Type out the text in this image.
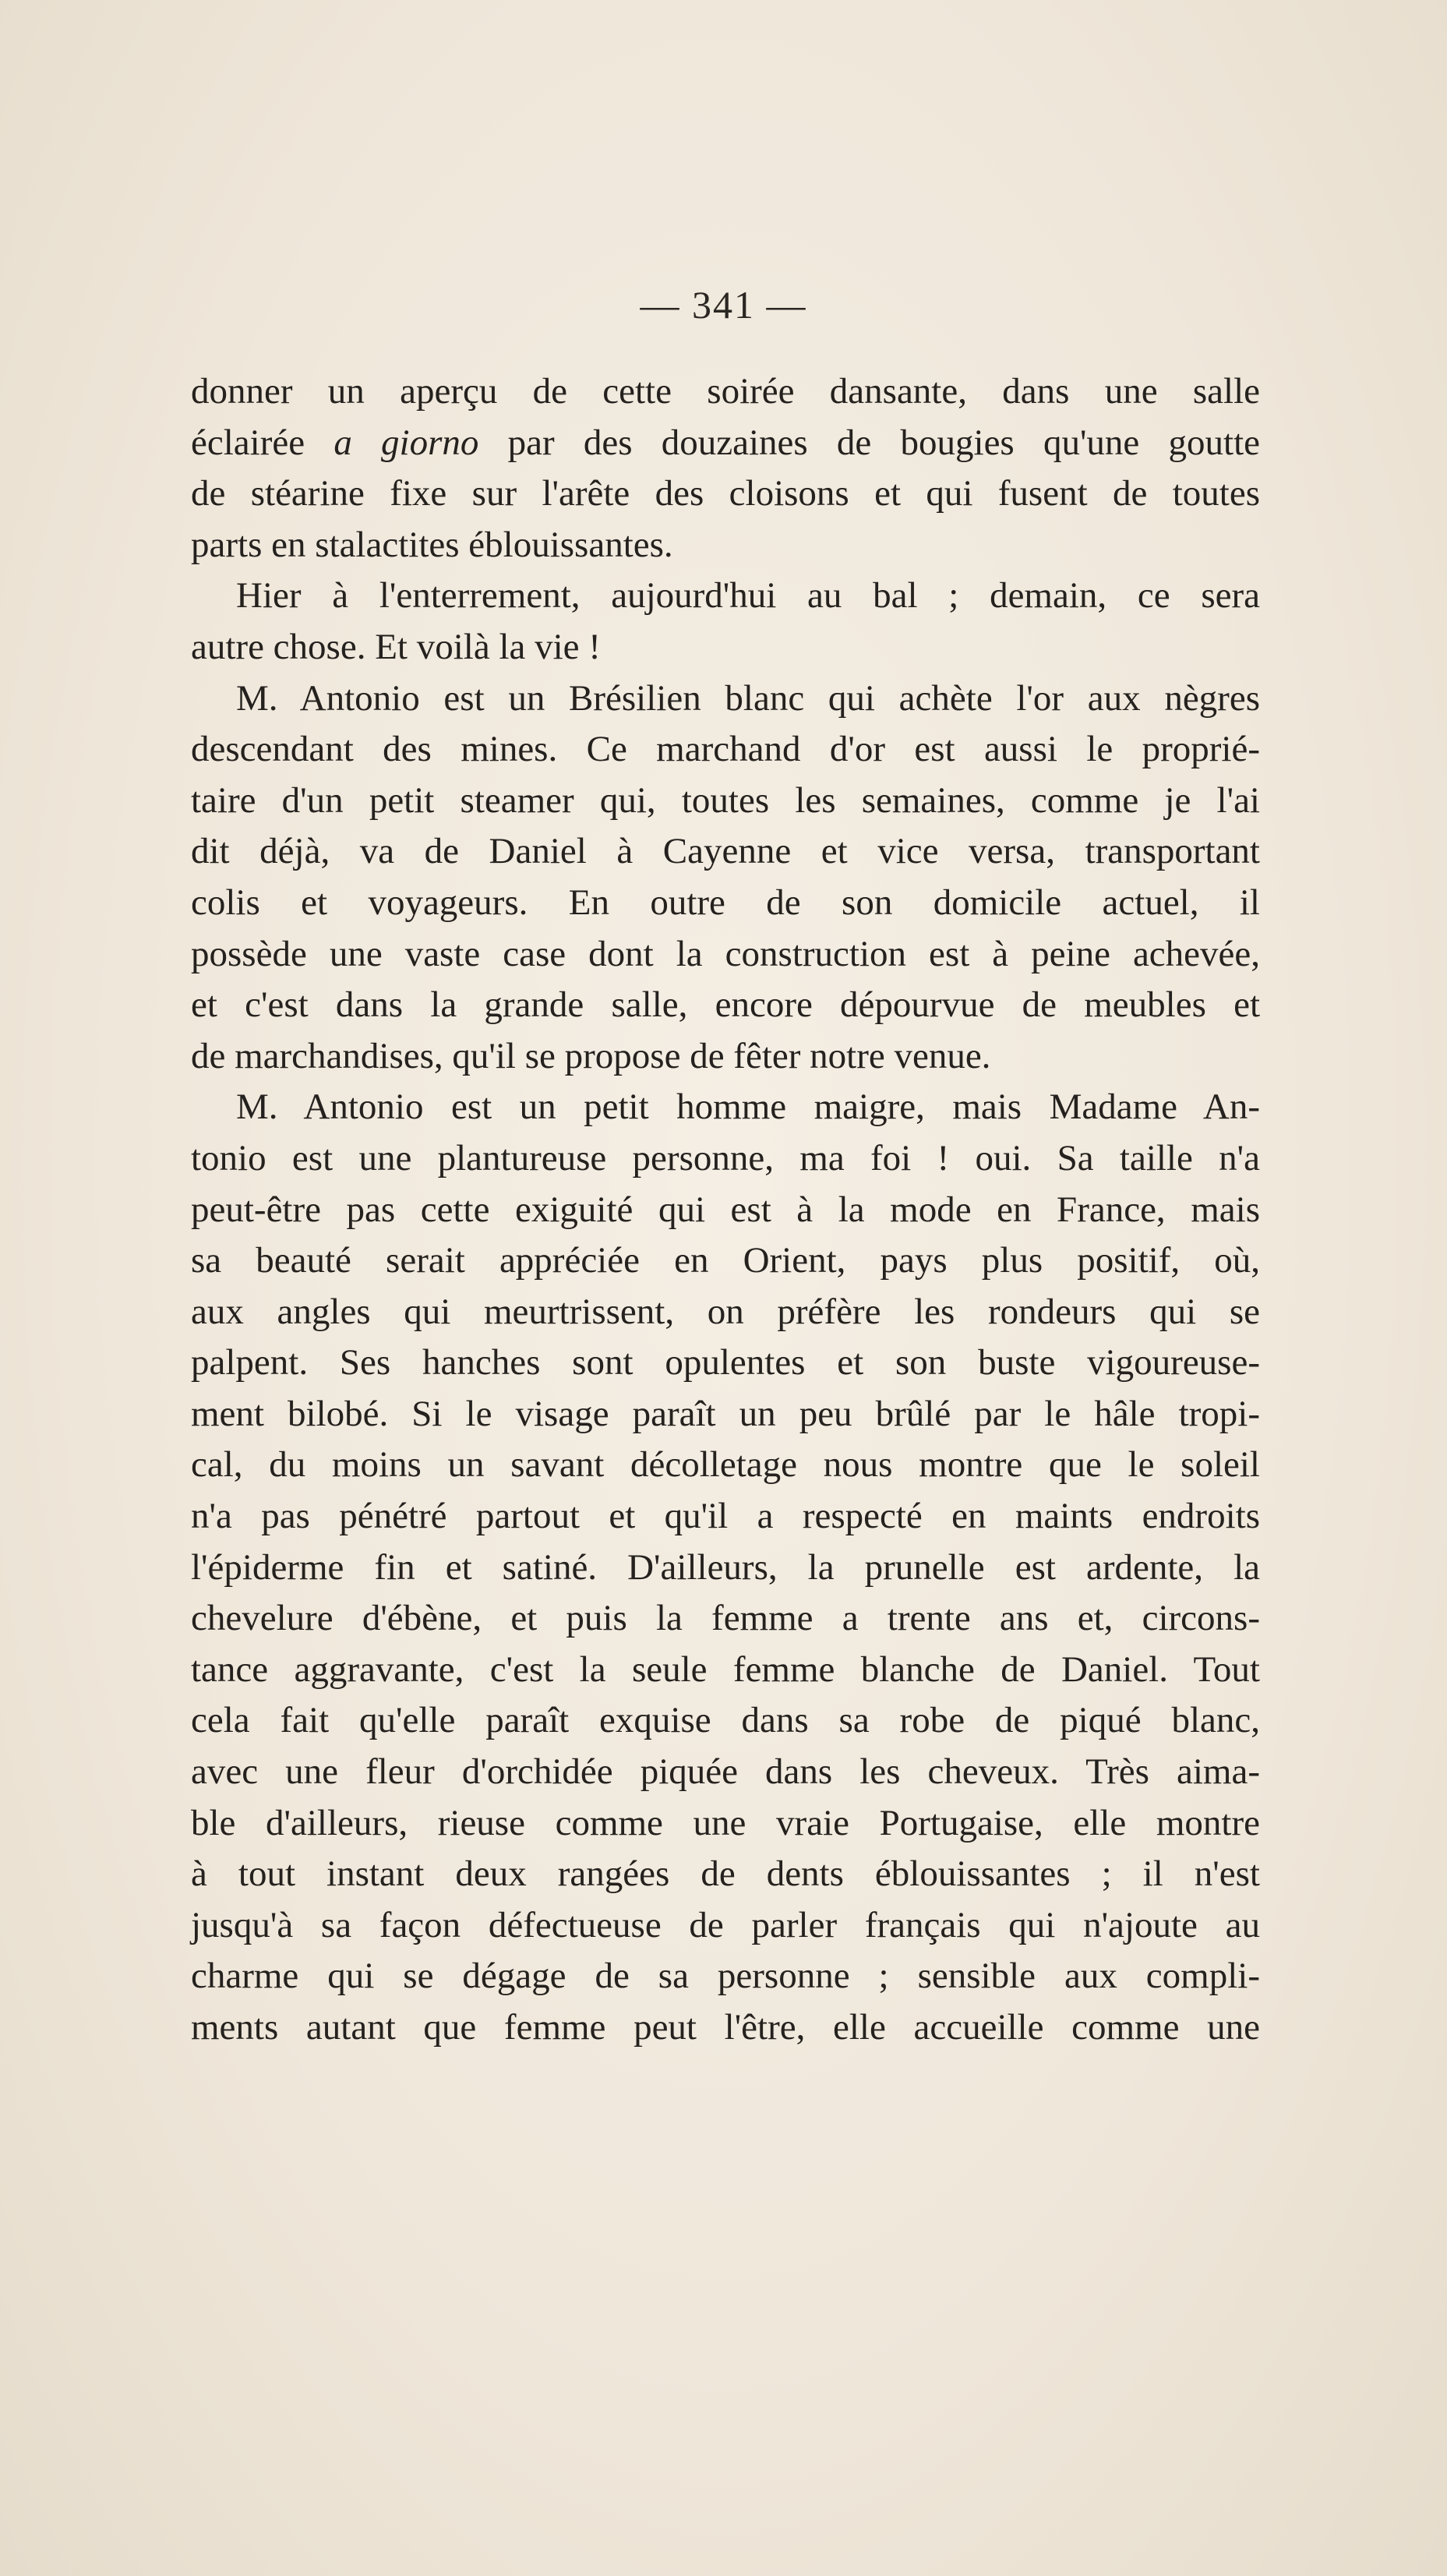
— 341 —
donner un aperçu de cette soirée dansante, dans une salle
éclairée a giorno par des douzaines de bougies qu'une goutte
de stéarine fixe sur l'arête des cloisons et qui fusent de toutes
parts en stalactites éblouissantes.
Hier à l'enterrement, aujourd'hui au bal ; demain, ce sera
autre chose. Et voilà la vie !
M. Antonio est un Brésilien blanc qui achète l'or aux nègres
descendant des mines. Ce marchand d'or est aussi le proprié-
taire d'un petit steamer qui, toutes les semaines, comme je l'ai
dit déjà, va de Daniel à Cayenne et vice versa, transportant
colis et voyageurs. En outre de son domicile actuel, il
possède une vaste case dont la construction est à peine achevée,
et c'est dans la grande salle, encore dépourvue de meubles et
de marchandises, qu'il se propose de fêter notre venue.
M. Antonio est un petit homme maigre, mais Madame An-
tonio est une plantureuse personne, ma foi ! oui. Sa taille n'a
peut-être pas cette exiguité qui est à la mode en France, mais
sa beauté serait appréciée en Orient, pays plus positif, où,
aux angles qui meurtrissent, on préfère les rondeurs qui se
palpent. Ses hanches sont opulentes et son buste vigoureuse-
ment bilobé. Si le visage paraît un peu brûlé par le hâle tropi-
cal, du moins un savant décolletage nous montre que le soleil
n'a pas pénétré partout et qu'il a respecté en maints endroits
l'épiderme fin et satiné. D'ailleurs, la prunelle est ardente, la
chevelure d'ébène, et puis la femme a trente ans et, circons-
tance aggravante, c'est la seule femme blanche de Daniel. Tout
cela fait qu'elle paraît exquise dans sa robe de piqué blanc,
avec une fleur d'orchidée piquée dans les cheveux. Très aima-
ble d'ailleurs, rieuse comme une vraie Portugaise, elle montre
à tout instant deux rangées de dents éblouissantes ; il n'est
jusqu'à sa façon défectueuse de parler français qui n'ajoute au
charme qui se dégage de sa personne ; sensible aux compli-
ments autant que femme peut l'être, elle accueille comme une
